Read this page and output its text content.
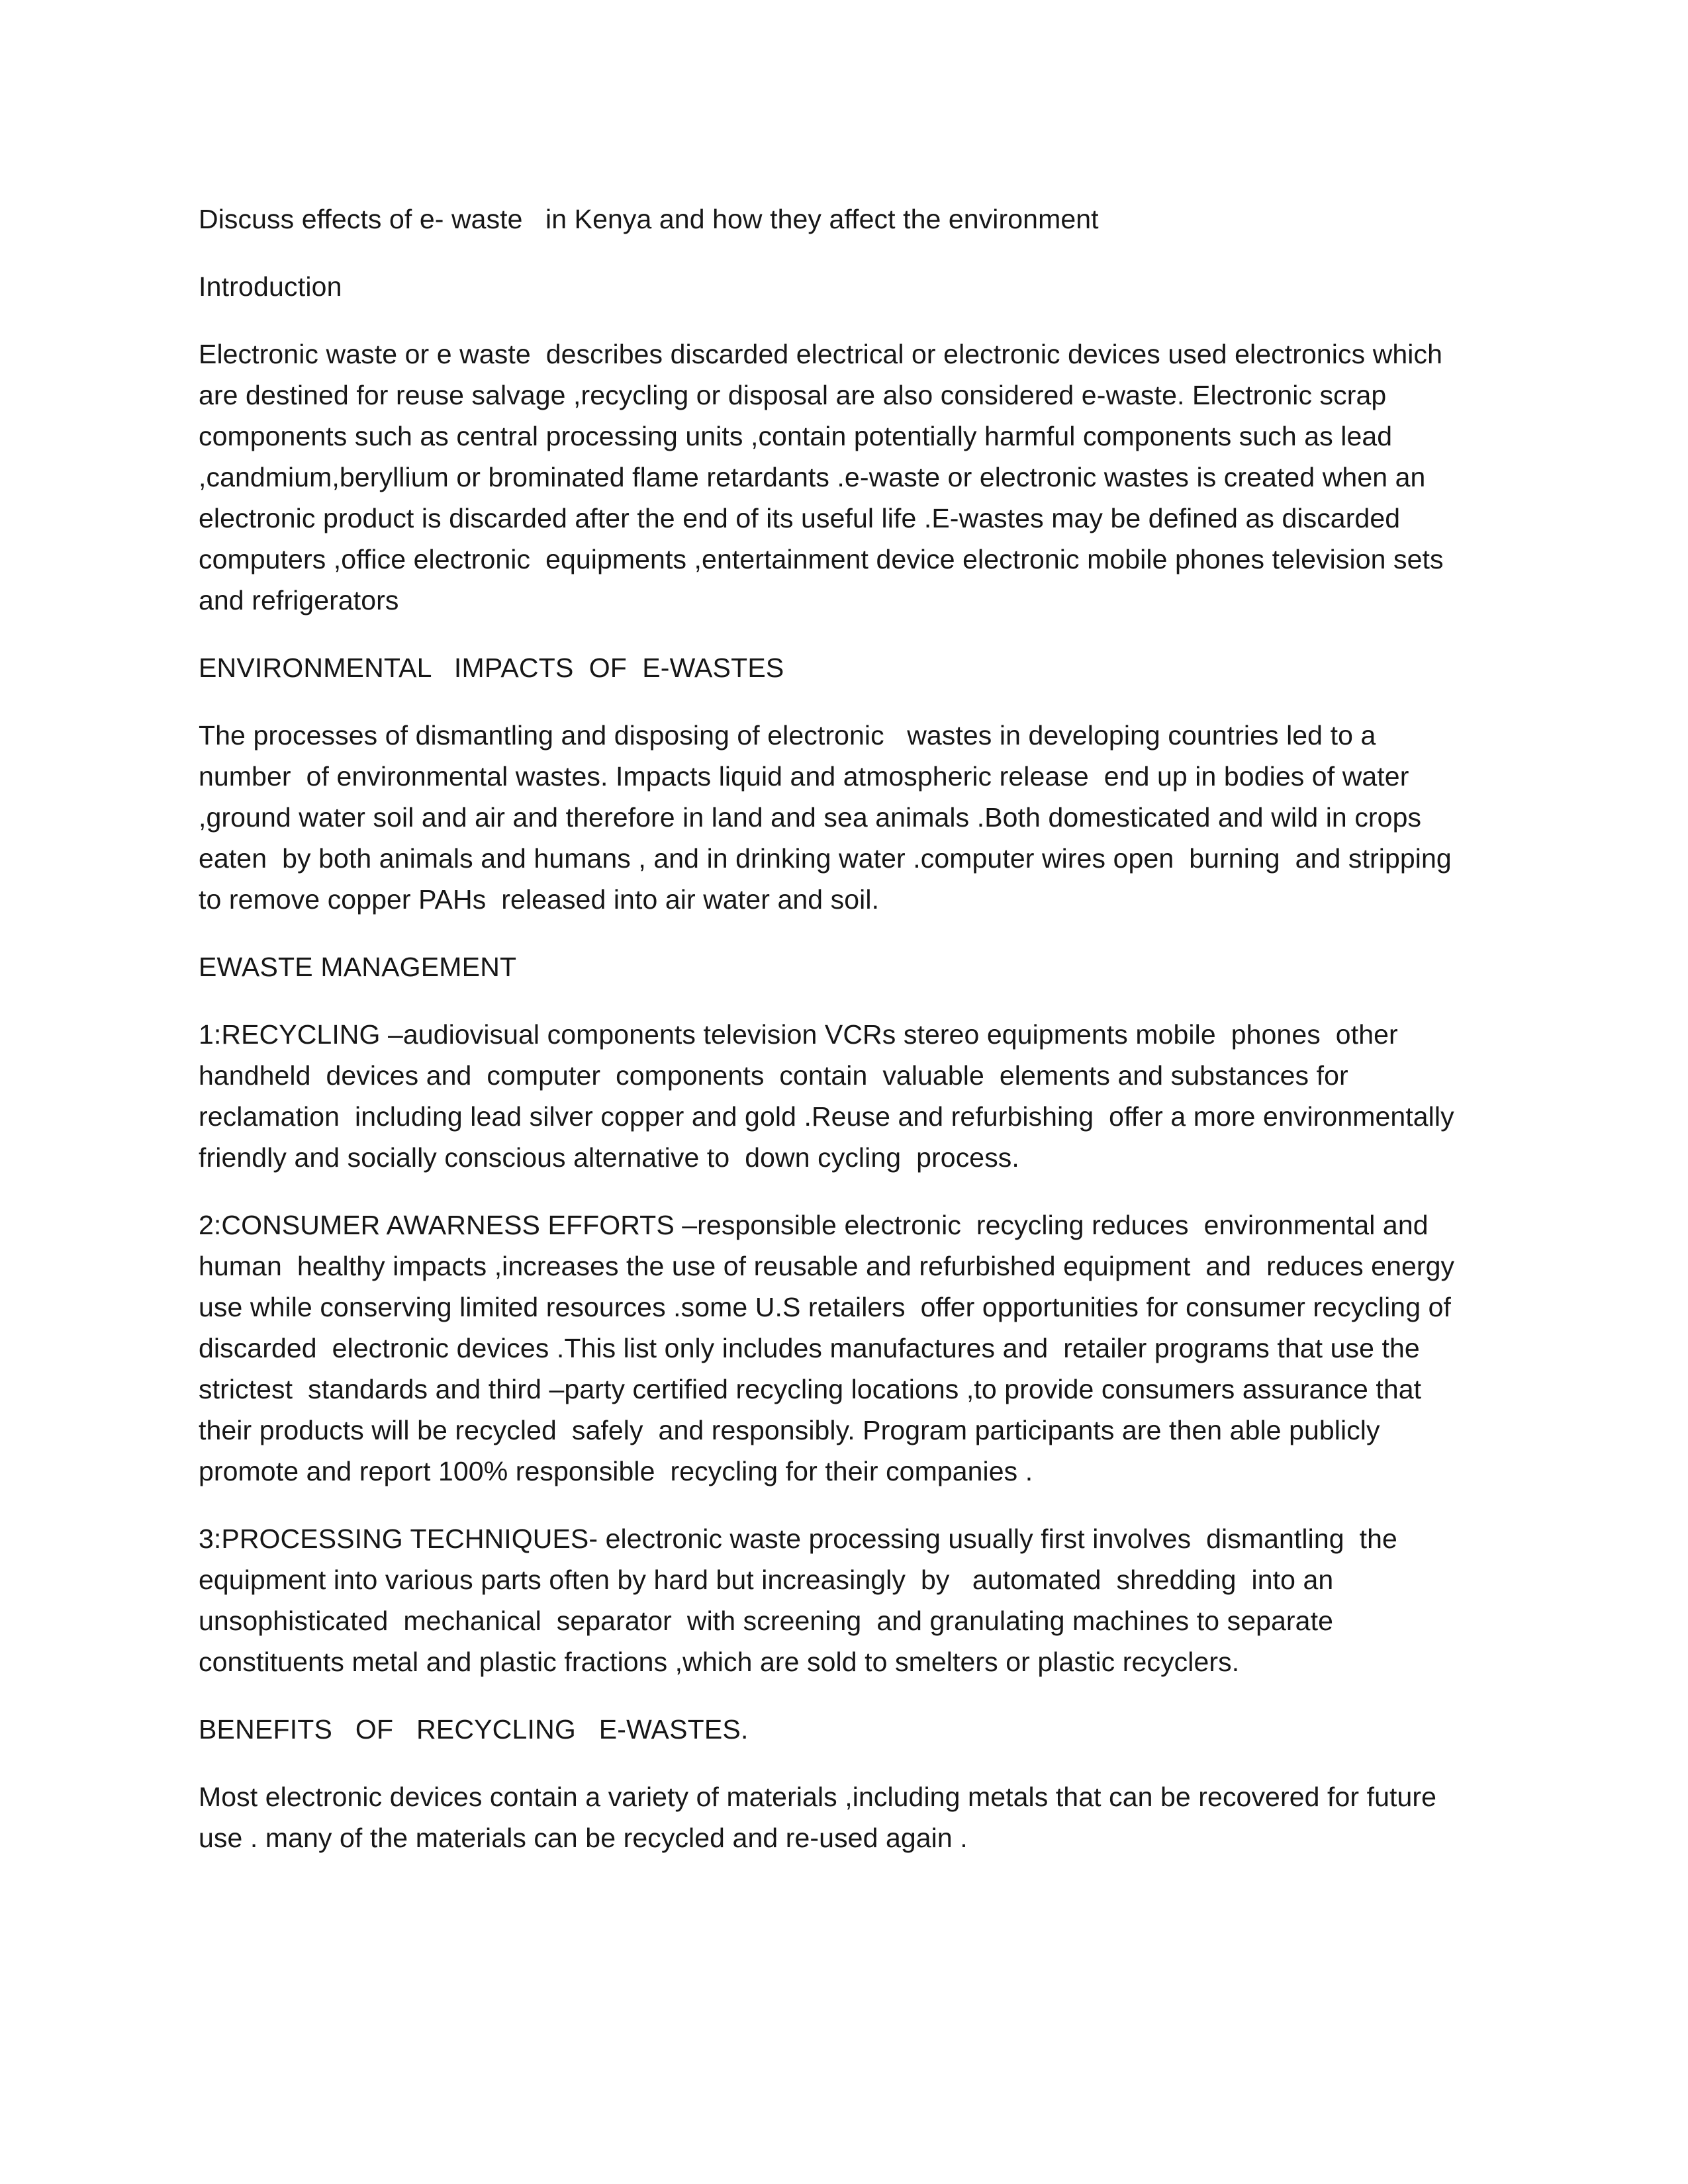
Discuss effects of e- waste   in Kenya and how they affect the environment

Introduction

Electronic waste or e waste  describes discarded electrical or electronic devices used electronics which are destined for reuse salvage ,recycling or disposal are also considered e-waste. Electronic scrap components such as central processing units ,contain potentially harmful components such as lead ,candmium,beryllium or brominated flame retardants .e-waste or electronic wastes is created when an electronic product is discarded after the end of its useful life .E-wastes may be defined as discarded computers ,office electronic  equipments ,entertainment device electronic mobile phones television sets and refrigerators

ENVIRONMENTAL   IMPACTS  OF  E-WASTES

The processes of dismantling and disposing of electronic   wastes in developing countries led to a number  of environmental wastes. Impacts liquid and atmospheric release  end up in bodies of water ,ground water soil and air and therefore in land and sea animals .Both domesticated and wild in crops eaten  by both animals and humans , and in drinking water .computer wires open  burning  and stripping to remove copper PAHs  released into air water and soil.

EWASTE MANAGEMENT

1:RECYCLING –audiovisual components television VCRs stereo equipments mobile  phones  other handheld  devices and  computer  components  contain  valuable  elements and substances for reclamation  including lead silver copper and gold .Reuse and refurbishing  offer a more environmentally friendly and socially conscious alternative to  down cycling  process.

2:CONSUMER AWARNESS EFFORTS –responsible electronic  recycling reduces  environmental and human  healthy impacts ,increases the use of reusable and refurbished equipment  and  reduces energy use while conserving limited resources .some U.S retailers  offer opportunities for consumer recycling of discarded  electronic devices .This list only includes manufactures and  retailer programs that use the strictest  standards and third –party certified recycling locations ,to provide consumers assurance that their products will be recycled  safely  and responsibly. Program participants are then able publicly promote and report 100% responsible  recycling for their companies .

3:PROCESSING TECHNIQUES- electronic waste processing usually first involves  dismantling  the equipment into various parts often by hard but increasingly  by   automated  shredding  into an unsophisticated  mechanical  separator  with screening  and granulating machines to separate constituents metal and plastic fractions ,which are sold to smelters or plastic recyclers.

BENEFITS   OF   RECYCLING   E-WASTES.

Most electronic devices contain a variety of materials ,including metals that can be recovered for future use . many of the materials can be recycled and re-used again .
